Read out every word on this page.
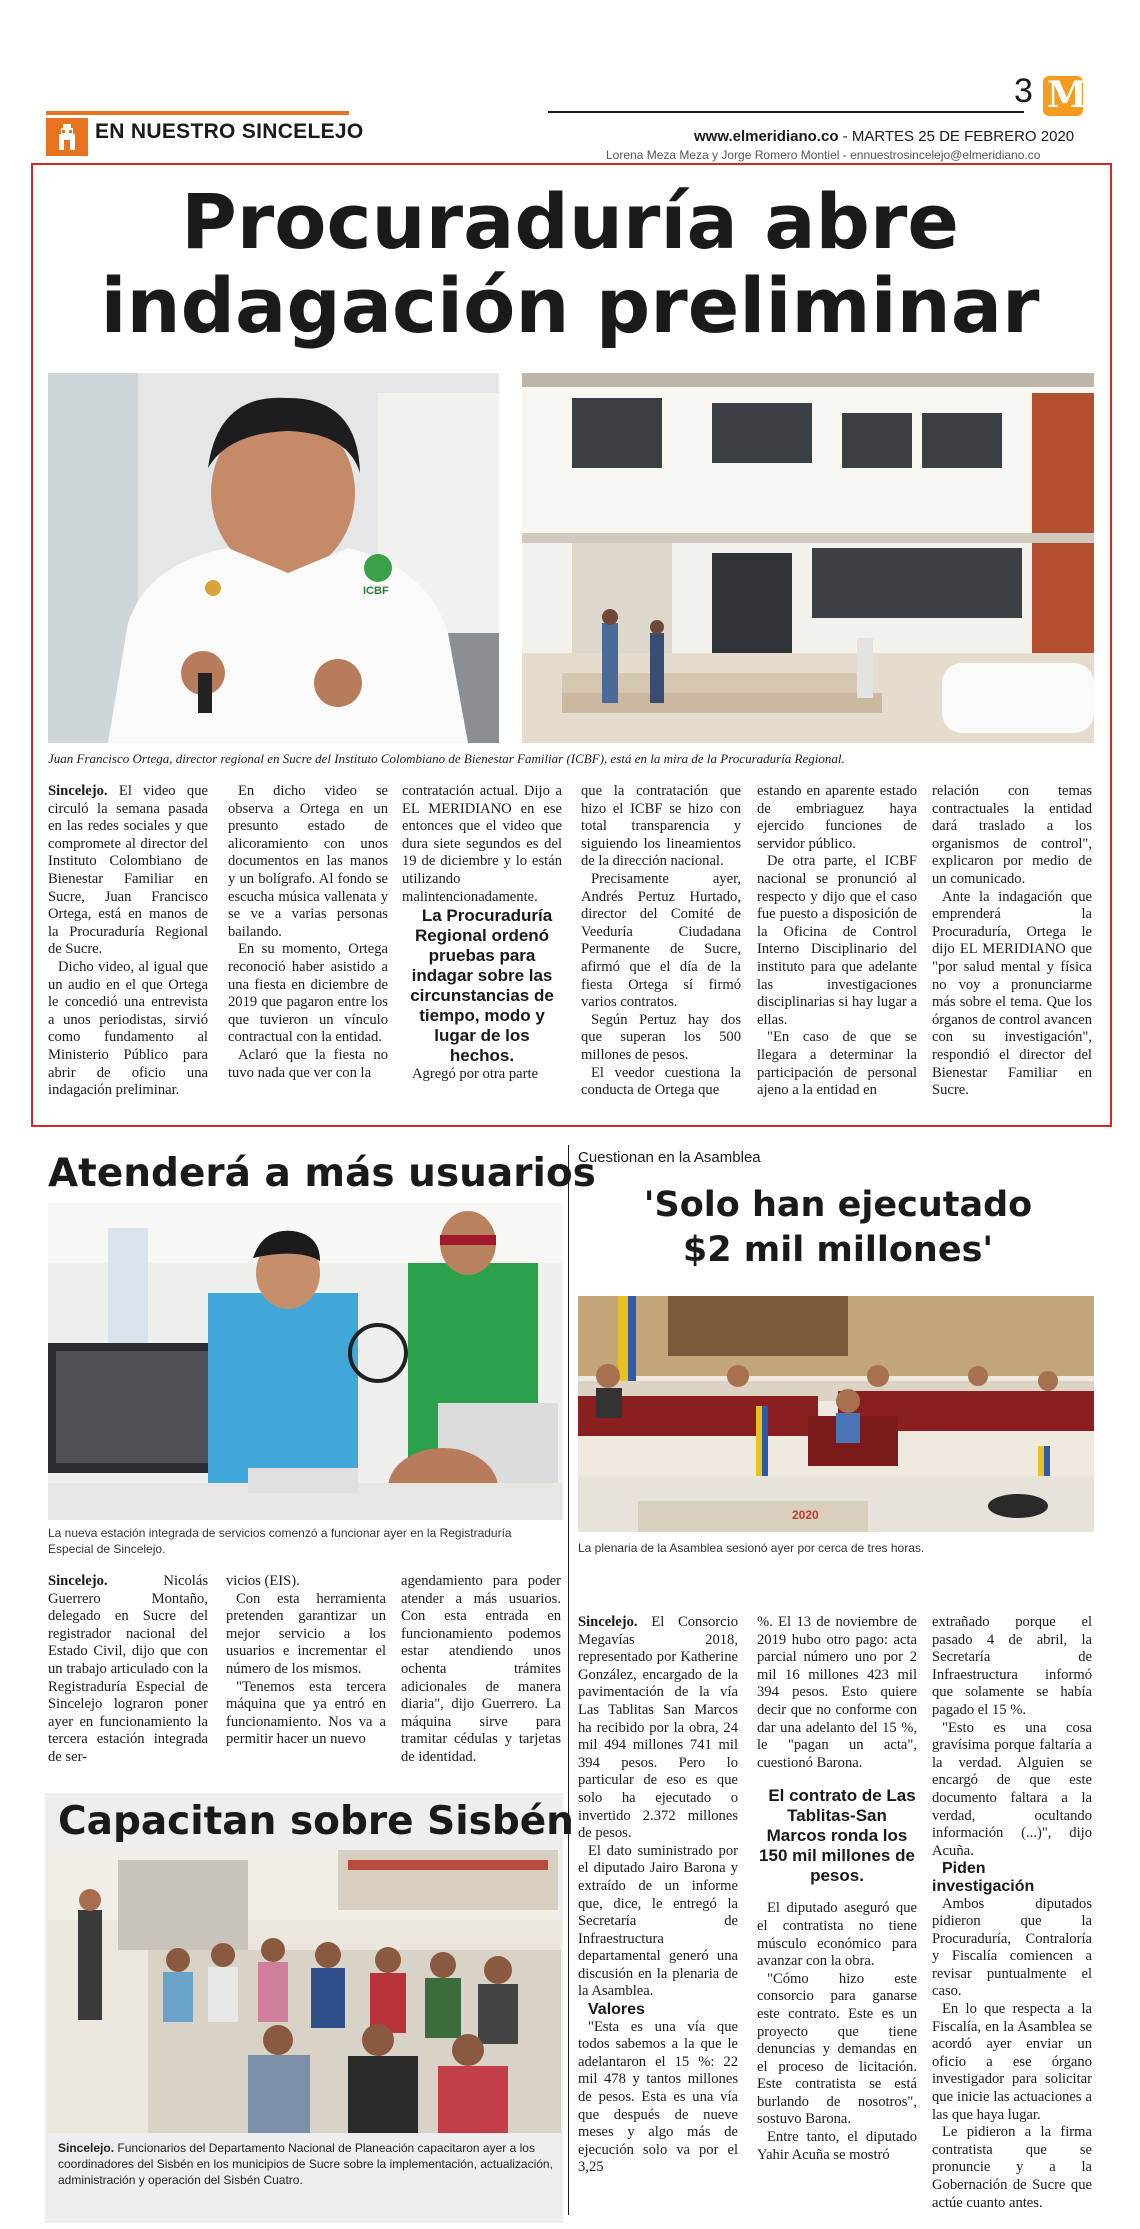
EN NUESTRO SINCELEJO
3 M
www.elmeridiano.co - MARTES 25 DE FEBRERO 2020
Lorena Meza Meza y Jorge Romero Montiel - ennuestrosincelejo@elmeridiano.co
Procuraduría abre
indagación preliminar
ICBF
Juan Francisco Ortega, director regional en Sucre del Instituto Colombiano de Bienestar Familiar (ICBF), está en la mira de la Procuraduría Regional.

Sincelejo. El video que circuló la semana pasada en las redes sociales y que compromete al director del Instituto Colombiano de Bienestar Familiar en Sucre, Juan Francisco Ortega, está en manos de la Procuraduría Regional de Sucre.

Dicho video, al igual que un audio en el que Ortega le concedió una entrevista a unos periodistas, sirvió como fundamento al Ministerio Público para abrir de oficio una indagación preliminar.

En dicho video se observa a Ortega en un presunto estado de alicoramiento con unos documentos en las manos y un bolígrafo. Al fondo se escucha música vallenata y se ve a varias personas bailando.

En su momento, Ortega reconoció haber asistido a una fiesta en diciembre de 2019 que pagaron entre los que tuvieron un vínculo contractual con la entidad.

Aclaró que la fiesta no tuvo nada que ver con la

contratación actual. Dijo a EL MERIDIANO en ese entonces que el video que dura siete segundos es del 19 de diciembre y lo están utilizando malintencionadamente.

La Procuraduría Regional ordenó pruebas para indagar sobre las circunstancias de tiempo, modo y lugar de los hechos.

Agregó por otra parte

que la contratación que hizo el ICBF se hizo con total transparencia y siguiendo los lineamientos de la dirección nacional.

Precisamente ayer, Andrés Pertuz Hurtado, director del Comité de Veeduría Ciudadana Permanente de Sucre, afirmó que el día de la fiesta Ortega sí firmó varios contratos.

Según Pertuz hay dos que superan los 500 millones de pesos.

El veedor cuestiona la conducta de Ortega que

estando en aparente estado de embriaguez haya ejercido funciones de servidor público.

De otra parte, el ICBF nacional se pronunció al respecto y dijo que el caso fue puesto a disposición de la Oficina de Control Interno Disciplinario del instituto para que adelante las investigaciones disciplinarias si hay lugar a ellas.

"En caso de que se llegara a determinar la participación de personal ajeno a la entidad en

relación con temas contractuales la entidad dará traslado a los organismos de control", explicaron por medio de un comunicado.

Ante la indagación que emprenderá la Procuraduría, Ortega le dijo EL MERIDIANO que "por salud mental y física no voy a pronunciarme más sobre el tema. Que los órganos de control avancen con su investigación", respondió el director del Bienestar Familiar en Sucre.

Atenderá a más usuarios
La nueva estación integrada de servicios comenzó a funcionar ayer en la Registraduría Especial de Sincelejo.

Sincelejo. Nicolás Guerrero Montaño, delegado en Sucre del registrador nacional del Estado Civil, dijo que con un trabajo articulado con la Registraduría Especial de Sincelejo lograron poner ayer en funcionamiento la tercera estación integrada de ser-

vicios (EIS).

Con esta herramienta pretenden garantizar un mejor servicio a los usuarios e incrementar el número de los mismos.

"Tenemos esta tercera máquina que ya entró en funcionamiento. Nos va a permitir hacer un nuevo

agendamiento para poder atender a más usuarios. Con esta entrada en funcionamiento podemos estar atendiendo unos ochenta trámites adicionales de manera diaria", dijo Guerrero. La máquina sirve para tramitar cédulas y tarjetas de identidad.

Capacitan sobre Sisbén
Sincelejo. Funcionarios del Departamento Nacional de Planeación capacitaron ayer a los coordinadores del Sisbén en los municipios de Sucre sobre la implementación, actualización, administración y operación del Sisbén Cuatro.
Cuestionan en la Asamblea
'Solo han ejecutado
$2 mil millones'
2020
La plenaria de la Asamblea sesionó ayer por cerca de tres horas.

Sincelejo. El Consorcio Megavías 2018, representado por Katherine González, encargado de la pavimentación de la vía Las Tablitas San Marcos ha recibido por la obra, 24 mil 494 millones 741 mil 394 pesos. Pero lo particular de eso es que solo ha ejecutado o invertido 2.372 millones de pesos.

El dato suministrado por el diputado Jairo Barona y extraído de un informe que, dice, le entregó la Secretaría de Infraestructura departamental generó una discusión en la plenaria de la Asamblea.

Valores

"Esta es una vía que todos sabemos a la que le adelantaron el 15 %: 22 mil 478 y tantos millones de pesos. Esta es una vía que después de nueve meses y algo más de ejecución solo va por el 3,25

%. El 13 de noviembre de 2019 hubo otro pago: acta parcial número uno por 2 mil 16 millones 423 mil 394 pesos. Esto quiere decir que no conforme con dar una adelanto del 15 %, le "pagan un acta", cuestionó Barona.

El contrato de Las Tablitas-San Marcos ronda los 150 mil millones de pesos.

El diputado aseguró que el contratista no tiene músculo económico para avanzar con la obra.

"Cómo hizo este consorcio para ganarse este contrato. Este es un proyecto que tiene denuncias y demandas en el proceso de licitación. Este contratista se está burlando de nosotros", sostuvo Barona.

Entre tanto, el diputado Yahir Acuña se mostró

extrañado porque el pasado 4 de abril, la Secretaría de Infraestructura informó que solamente se había pagado el 15 %.

"Esto es una cosa gravísima porque faltaría a la verdad. Alguien se encargó de que este documento faltara a la verdad, ocultando información (...)", dijo Acuña.

Piden investigación

Ambos diputados pidieron que la Procuraduría, Contraloría y Fiscalía comiencen a revisar puntualmente el caso.

En lo que respecta a la Fiscalía, en la Asamblea se acordó ayer enviar un oficio a ese órgano investigador para solicitar que inicie las actuaciones a las que haya lugar.

Le pidieron a la firma contratista que se pronuncie y a la Gobernación de Sucre que actúe cuanto antes.
